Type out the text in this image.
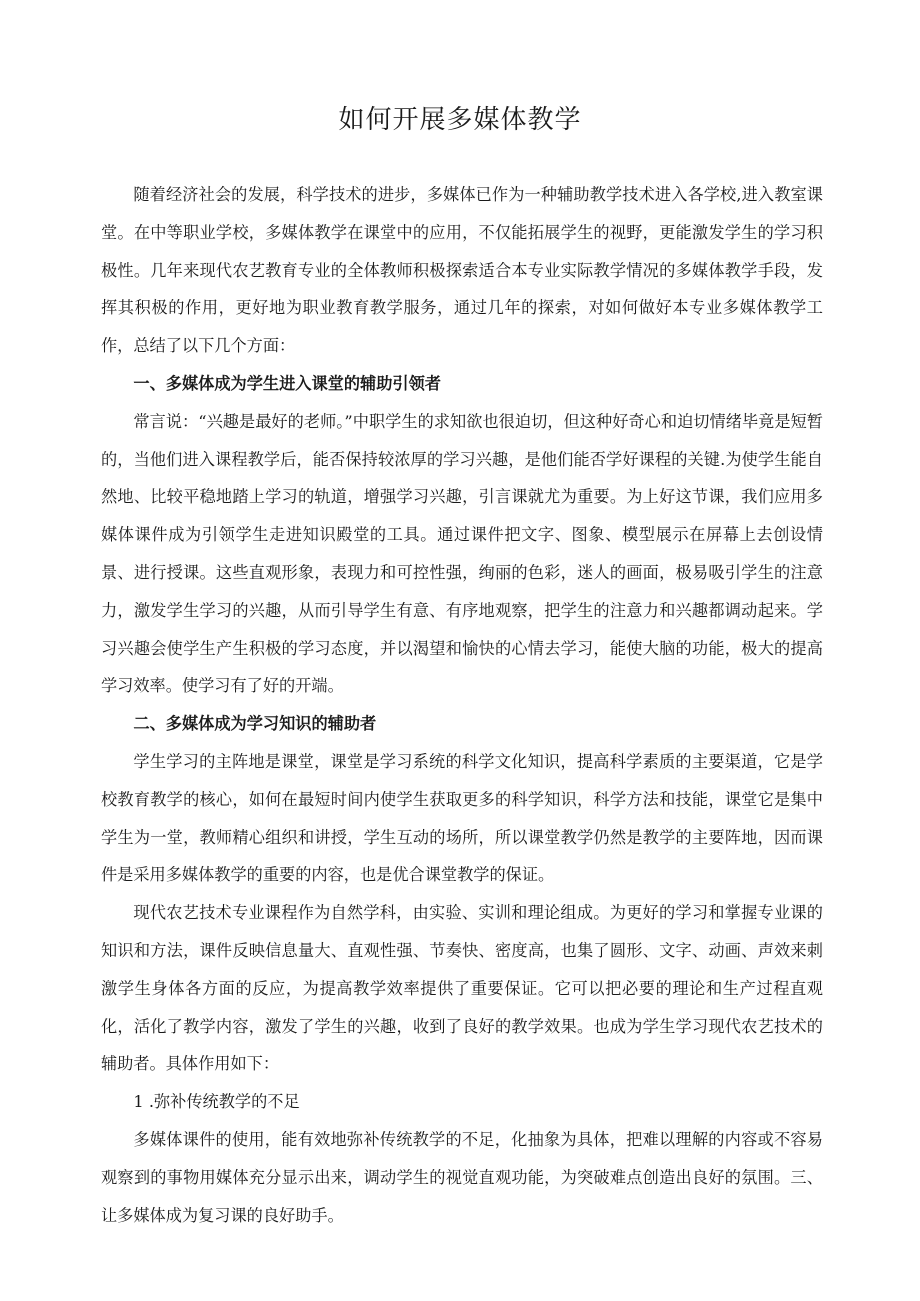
如何开展多媒体教学

随着经济社会的发展，科学技术的进步，多媒体已作为一种辅助教学技术进入各学校,进入教室课堂。在中等职业学校，多媒体教学在课堂中的应用，不仅能拓展学生的视野，更能激发学生的学习积极性。几年来现代农艺教育专业的全体教师积极探索适合本专业实际教学情况的多媒体教学手段，发挥其积极的作用，更好地为职业教育教学服务，通过几年的探索，对如何做好本专业多媒体教学工作，总结了以下几个方面：

一、多媒体成为学生进入课堂的辅助引领者

常言说：“兴趣是最好的老师。”中职学生的求知欲也很迫切，但这种好奇心和迫切情绪毕竟是短暂的，当他们进入课程教学后，能否保持较浓厚的学习兴趣，是他们能否学好课程的关键.为使学生能自然地、比较平稳地踏上学习的轨道，增强学习兴趣，引言课就尤为重要。为上好这节课，我们应用多媒体课件成为引领学生走进知识殿堂的工具。通过课件把文字、图象、模型展示在屏幕上去创设情景、进行授课。这些直观形象，表现力和可控性强，绚丽的色彩，迷人的画面，极易吸引学生的注意力，激发学生学习的兴趣，从而引导学生有意、有序地观察，把学生的注意力和兴趣都调动起来。学习兴趣会使学生产生积极的学习态度，并以渴望和愉快的心情去学习，能使大脑的功能，极大的提高学习效率。使学习有了好的开端。

二、多媒体成为学习知识的辅助者

学生学习的主阵地是课堂，课堂是学习系统的科学文化知识，提高科学素质的主要渠道，它是学校教育教学的核心，如何在最短时间内使学生获取更多的科学知识，科学方法和技能，课堂它是集中学生为一堂，教师精心组织和讲授，学生互动的场所，所以课堂教学仍然是教学的主要阵地，因而课件是采用多媒体教学的重要的内容，也是优合课堂教学的保证。

现代农艺技术专业课程作为自然学科，由实验、实训和理论组成。为更好的学习和掌握专业课的知识和方法，课件反映信息量大、直观性强、节奏快、密度高，也集了圆形、文字、动画、声效来刺激学生身体各方面的反应，为提高教学效率提供了重要保证。它可以把必要的理论和生产过程直观化，活化了教学内容，激发了学生的兴趣，收到了良好的教学效果。也成为学生学习现代农艺技术的辅助者。具体作用如下：

1 .弥补传统教学的不足

多媒体课件的使用，能有效地弥补传统教学的不足，化抽象为具体，把难以理解的内容或不容易观察到的事物用媒体充分显示出来，调动学生的视觉直观功能，为突破难点创造出良好的氛围。三、让多媒体成为复习课的良好助手。
